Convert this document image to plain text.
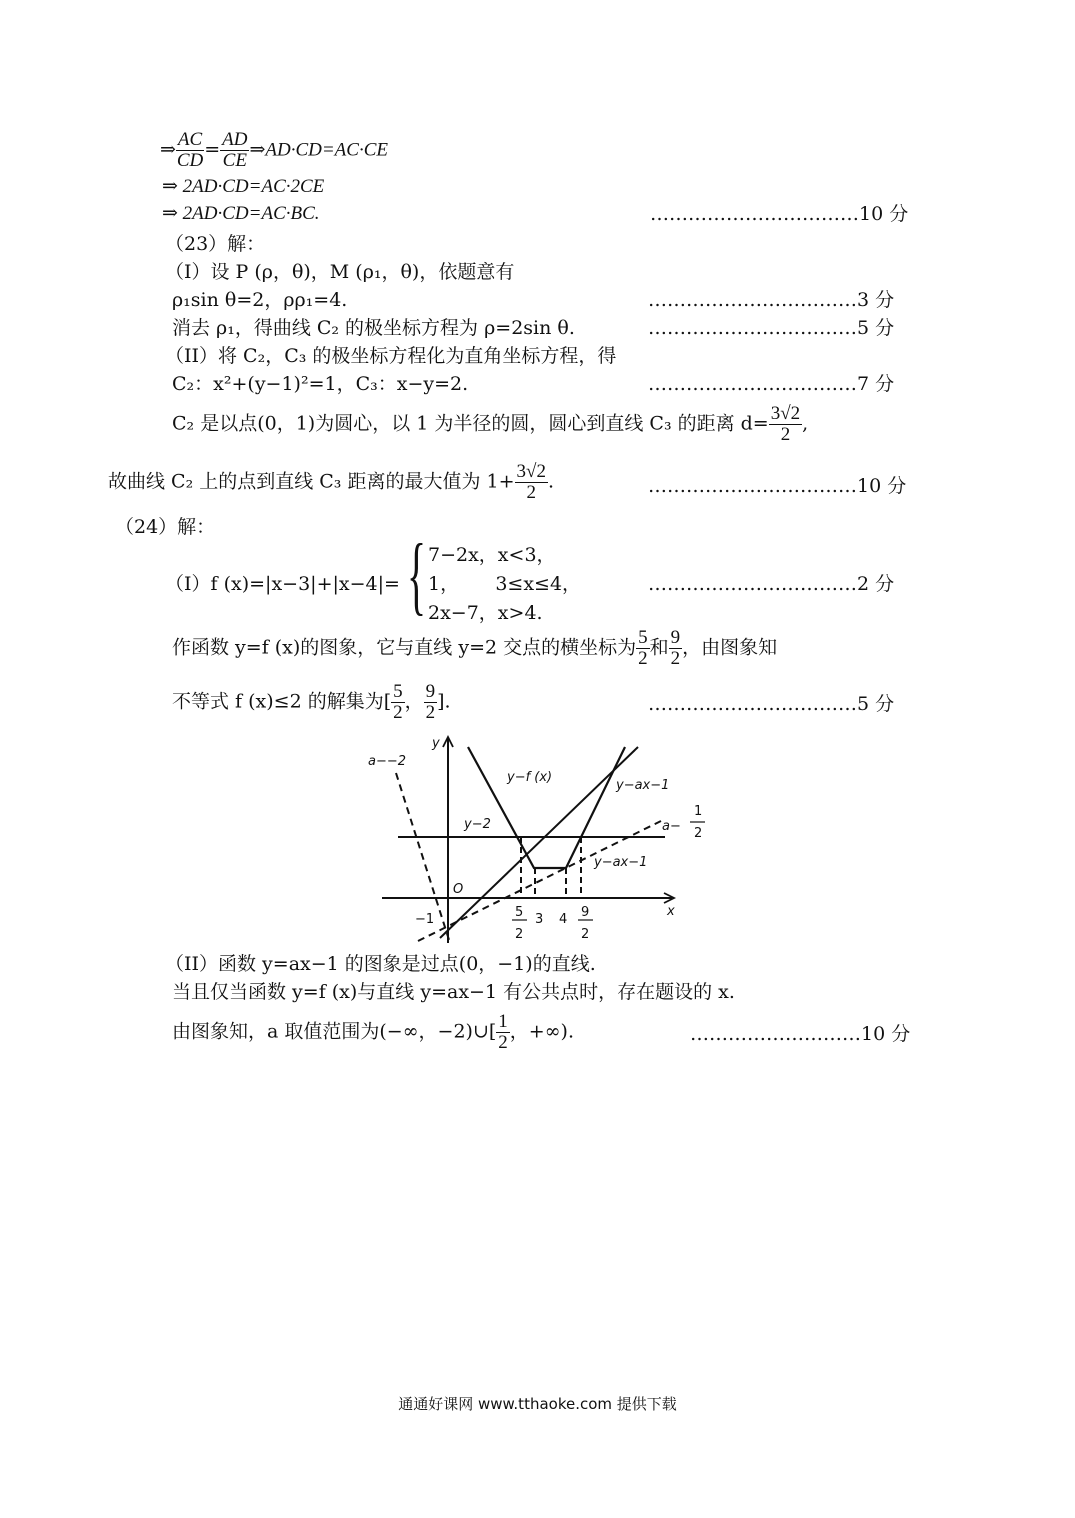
⇒ $\frac{AC}{CD} = \frac{AD}{CE}$ ⇒AD·CD=AC·CE
⇒ 2AD·CD=AC·2CE
⇒ 2AD·CD=AC·BC.	……………………………10 分
（23）解：
（I）设 P (ρ，θ)，M (ρ₁，θ)，依题意有
ρ₁sin θ=2，ρρ₁=4.	……………………………3 分
消去 ρ₁，得曲线 C₂ 的极坐标方程为 ρ=2sin θ.	……………………………5 分
（II）将 C₂，C₃ 的极坐标方程化为直角坐标方程，得
C₂：x²+(y−1)²=1，C₃：x−y=2.	……………………………7 分
C₂ 是以点(0，1)为圆心，以 1 为半径的圆，圆心到直线 C₃ 的距离 $d= \frac{3√2}{2}$ ,
故曲线 C₂ 上的点到直线 C₃ 距离的最大值为 $1+ \frac{3√2}{2}$ .	……………………………10 分
（24）解：
（I）f (x)=|x−3|+|x−4|= { 7−2x，x<3，
1，      3≤x≤4，
2x−7，x>4.
……………………………2 分
作函数 y=f (x)的图象，它与直线 y=2 交点的横坐标为 $\frac{5}{2}$ 和 $\frac{9}{2}$ ，由图象知
不等式 f (x)≤2 的解集为[ $\frac{5}{2}$ ， $\frac{9}{2}$ ].	……………………………5 分
y
x
O
−1
y−f (x)
y−2
a−−2
y−ax−1
a−
1
2
y−ax−1
5
2
3 4 9
2
（II）函数 y=ax−1 的图象是过点(0，−1)的直线.
当且仅当函数 y=f (x)与直线 y=ax−1 有公共点时，存在题设的 x.
由图象知，a 取值范围为(−∞，−2)∪[ $\frac{1}{2}$ ，+∞).	………………………10 分
通通好课网 www.tthaoke.com 提供下载
